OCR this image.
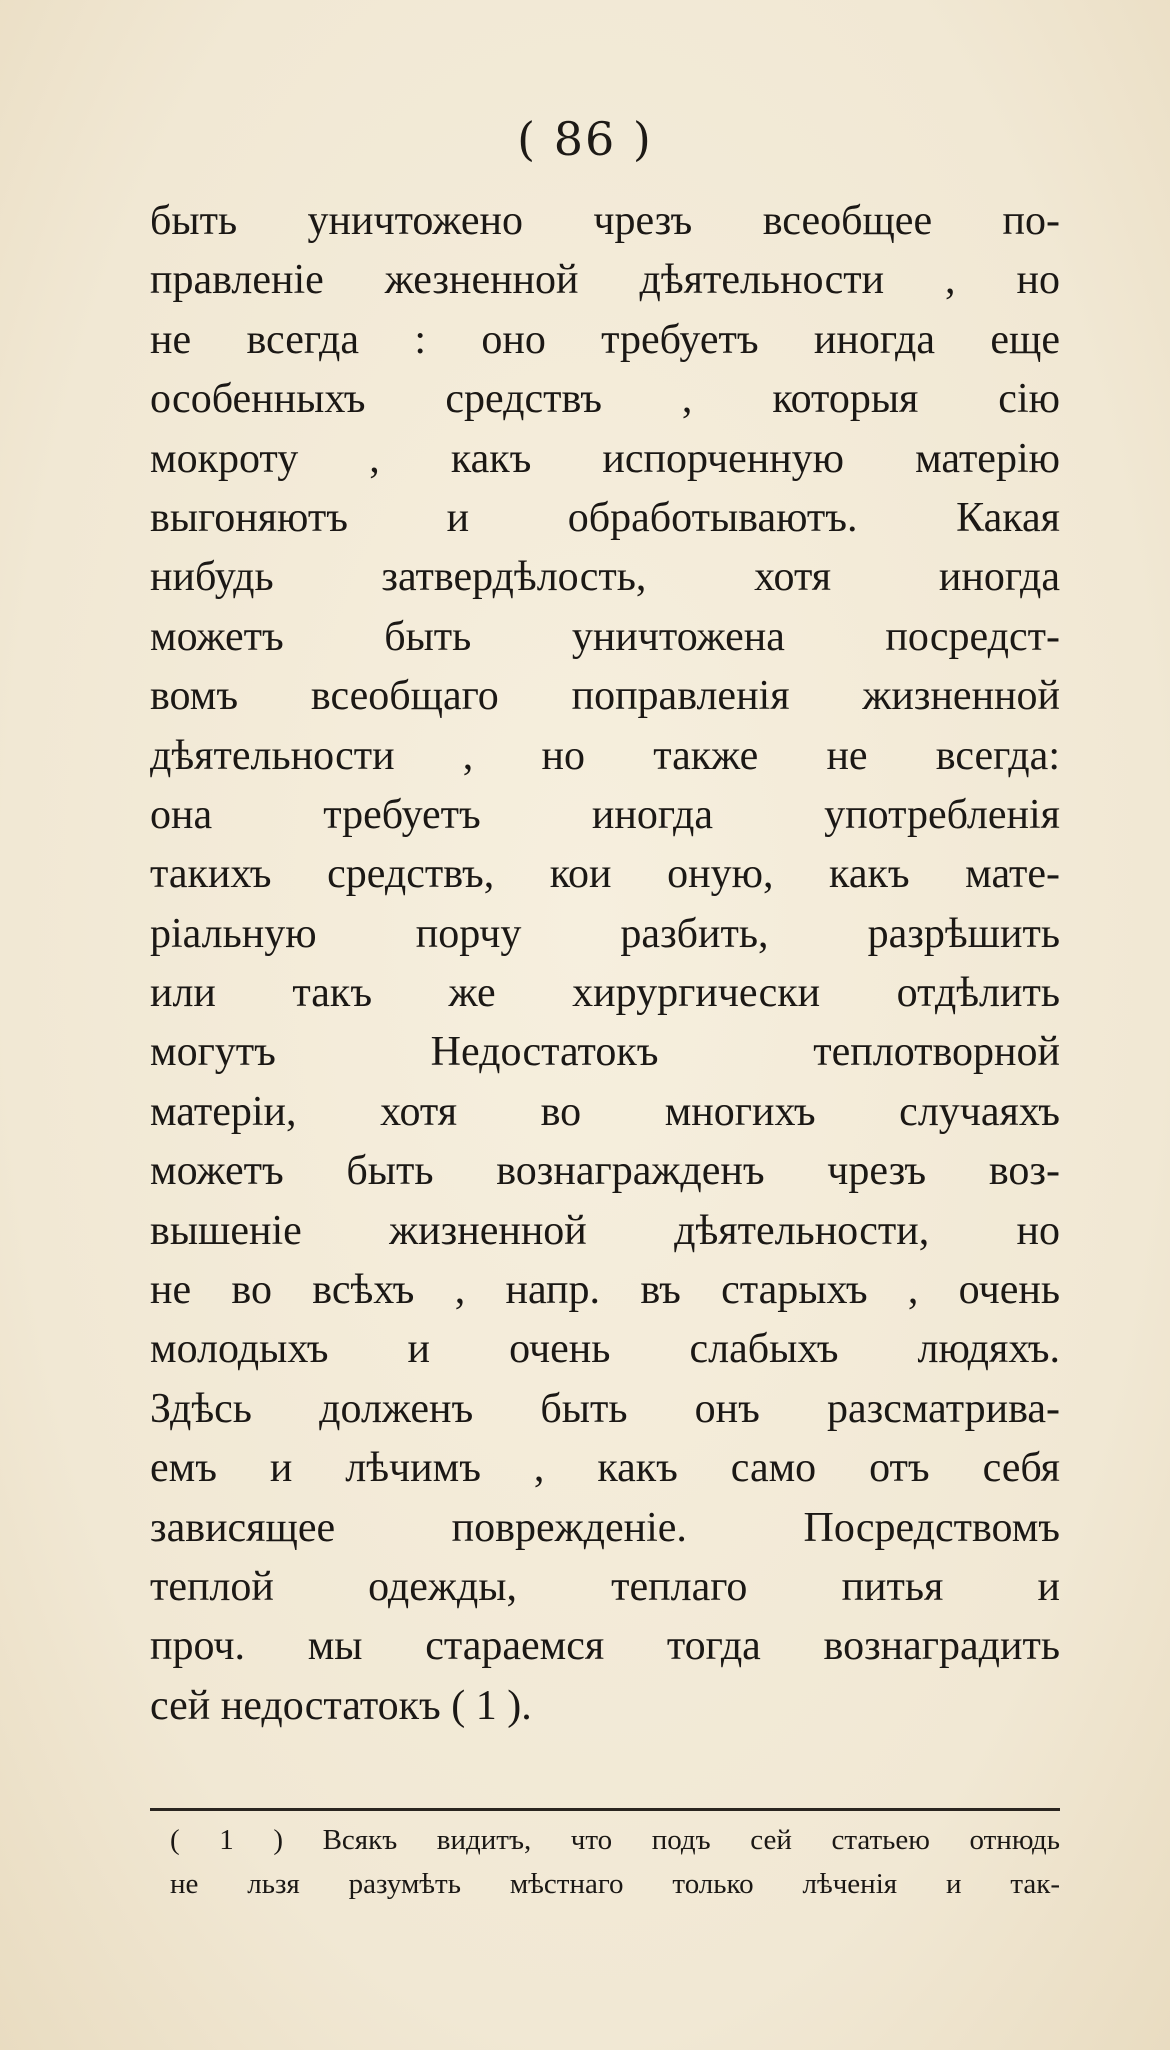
( 86 )
быть уничтожено чрезъ всеобщее по-
правленіе жезненной дѣятельности , но
не всегда : оно требуетъ иногда еще
особенныхъ средствъ , которыя сію
мокроту , какъ испорченную матерію
выгоняютъ и обработываютъ. Какая
нибудь затвердѣлость, хотя иногда
можетъ быть уничтожена посредст-
вомъ всеобщаго поправленія жизненной
дѣятельности , но также не всегда:
она требуетъ иногда употребленія
такихъ средствъ, кои оную, какъ мате-
ріальную порчу разбить, разрѣшить
или такъ же хирургически отдѣлить
могутъ Недостатокъ теплотворной
матеріи, хотя во многихъ случаяхъ
можетъ быть вознагражденъ чрезъ воз-
вышеніе жизненной дѣятельности, но
не во всѣхъ , напр. въ старыхъ , очень
молодыхъ и очень слабыхъ людяхъ.
Здѣсь долженъ быть онъ разсматрива-
емъ и лѣчимъ , какъ само отъ себя
зависящее поврежденіе. Посредствомъ
теплой одежды, теплаго питья и
проч. мы стараемся тогда вознаградить
сей недостатокъ ( 1 ).
( 1 ) Всякъ видитъ, что подъ сей статьею отнюдь
не льзя разумѣть мѣстнаго только лѣченія и так-
